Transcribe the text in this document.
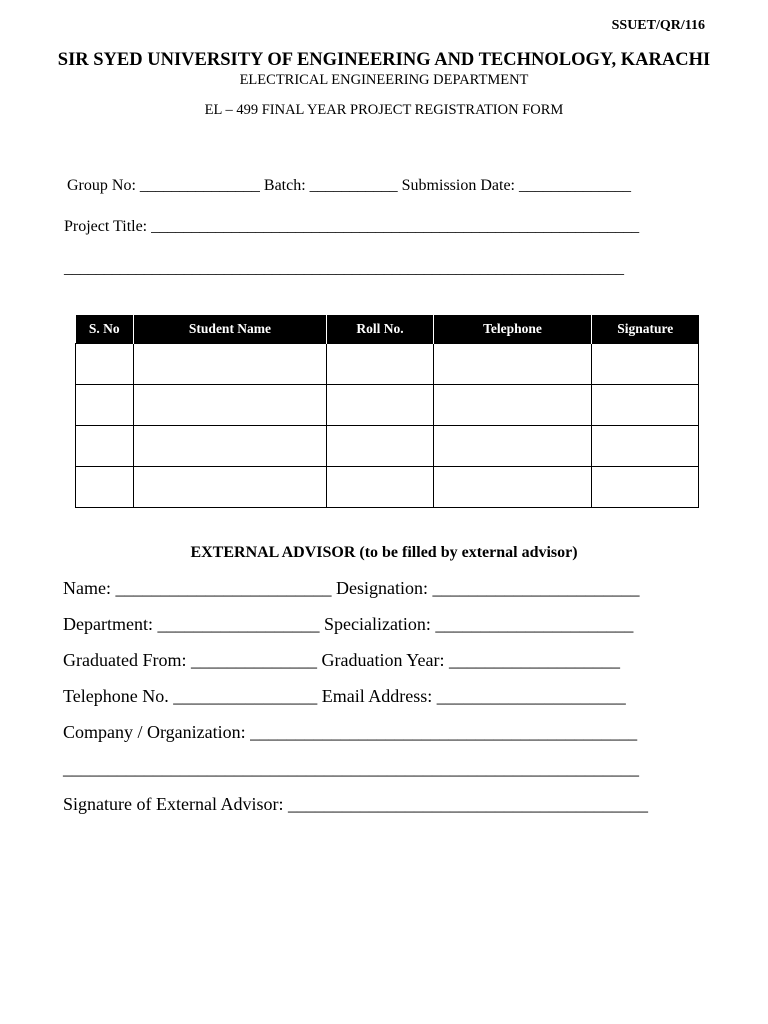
SSUET/QR/116
SIR SYED UNIVERSITY OF ENGINEERING AND TECHNOLOGY, KARACHI
ELECTRICAL ENGINEERING DEPARTMENT
EL – 499 FINAL YEAR PROJECT REGISTRATION FORM
Group No: _______________ Batch: ___________ Submission Date: ______________
Project Title: _____________________________________________________________
______________________________________________________________________
S. No	Student Name	Roll No.	Telephone	Signature

EXTERNAL ADVISOR (to be filled by external advisor)
Name: ________________________ Designation: _______________________
Department: __________________ Specialization: ______________________
Graduated From: ______________ Graduation Year: ___________________
Telephone No. ________________ Email Address: _____________________
Company / Organization: ___________________________________________
________________________________________________________________
Signature of External Advisor: ________________________________________
